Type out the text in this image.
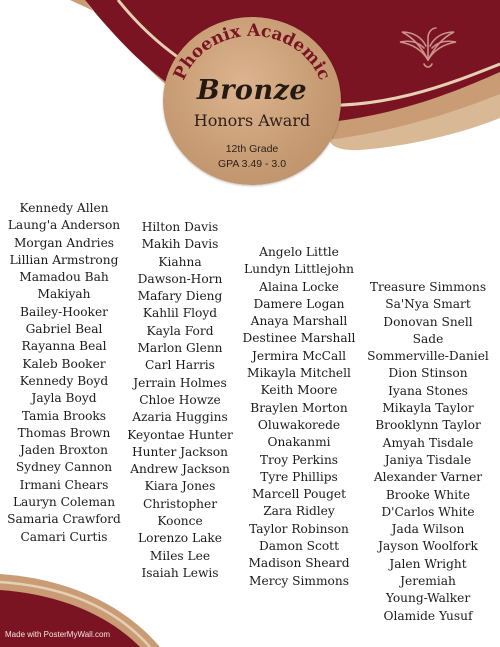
Phoenix Academic
Bronze
Honors Award
12th Grade
GPA 3.49 - 3.0
Kennedy Allen
Laung'a Anderson
Morgan Andries
Lillian Armstrong
Mamadou Bah
Makiyah
Bailey-Hooker
Gabriel Beal
Rayanna Beal
Kaleb Booker
Kennedy Boyd
Jayla Boyd
Tamia Brooks
Thomas Brown
Jaden Broxton
Sydney Cannon
Irmani Chears
Lauryn Coleman
Samaria Crawford
Camari Curtis
Hilton Davis
Makih Davis
Kiahna
Dawson-Horn
Mafary Dieng
Kahlil Floyd
Kayla Ford
Marlon Glenn
Carl Harris
Jerrain Holmes
Chloe Howze
Azaria Huggins
Keyontae Hunter
Hunter Jackson
Andrew Jackson
Kiara Jones
Christopher
Koonce
Lorenzo Lake
Miles Lee
Isaiah Lewis
Angelo Little
Lundyn Littlejohn
Alaina Locke
Damere Logan
Anaya Marshall
Destinee Marshall
Jermira McCall
Mikayla Mitchell
Keith Moore
Braylen Morton
Oluwakorede
Onakanmi
Troy Perkins
Tyre Phillips
Marcell Pouget
Zara Ridley
Taylor Robinson
Damon Scott
Madison Sheard
Mercy Simmons
Treasure Simmons
Sa'Nya Smart
Donovan Snell
Sade
Sommerville-Daniel
Dion Stinson
Iyana Stones
Mikayla Taylor
Brooklynn Taylor
Amyah Tisdale
Janiya Tisdale
Alexander Varner
Brooke White
D'Carlos White
Jada Wilson
Jayson Woolfork
Jalen Wright
Jeremiah
Young-Walker
Olamide Yusuf
Made with PosterMyWall.com
